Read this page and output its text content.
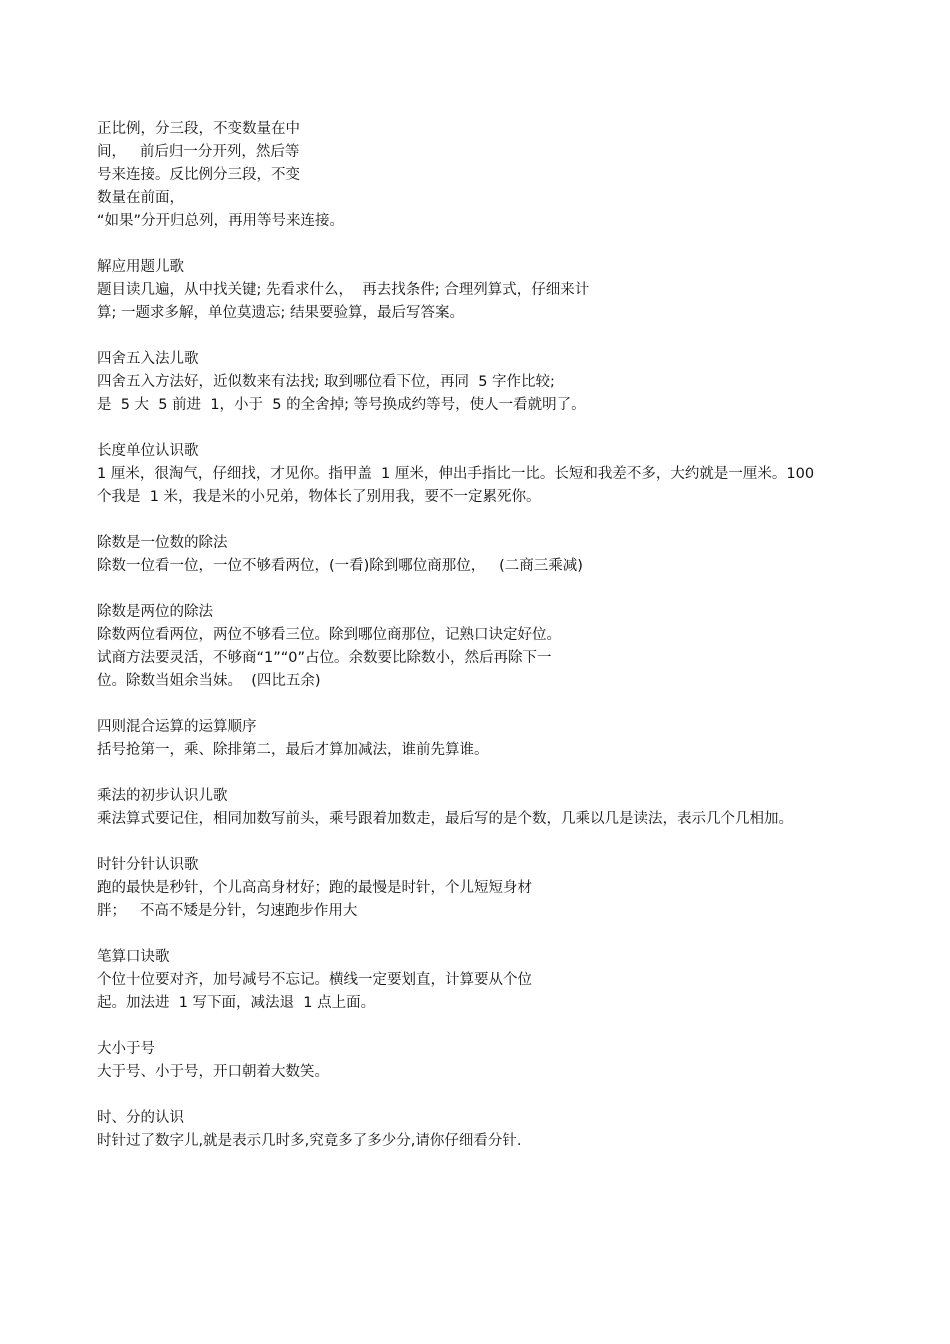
正比例，分三段，不变数量在中
间，   前后归一分开列，然后等
号来连接。反比例分三段，不变
数量在前面，
“如果”分开归总列，再用等号来连接。
解应用题儿歌
题目读几遍，从中找关键; 先看求什么，  再去找条件; 合理列算式，仔细来计
算; 一题求多解，单位莫遗忘; 结果要验算，最后写答案。
四舍五入法儿歌
四舍五入方法好，近似数来有法找; 取到哪位看下位，再同  5 字作比较;
是  5 大  5 前进  1，小于  5 的全舍掉; 等号换成约等号，使人一看就明了。
长度单位认识歌
1 厘米，很淘气，仔细找，才见你。指甲盖  1 厘米，伸出手指比一比。长短和我差不多，大约就是一厘米。100
个我是  1 米，我是米的小兄弟，物体长了别用我，要不一定累死你。
除数是一位数的除法
除数一位看一位，一位不够看两位，(一看)除到哪位商那位，   (二商三乘减)
除数是两位的除法
除数两位看两位，两位不够看三位。除到哪位商那位，记熟口诀定好位。
试商方法要灵活，不够商“1”“0”占位。余数要比除数小，然后再除下一
位。除数当姐余当妹。  (四比五余)
四则混合运算的运算顺序
括号抢第一，乘、除排第二，最后才算加减法，谁前先算谁。
乘法的初步认识儿歌
乘法算式要记住，相同加数写前头，乘号跟着加数走，最后写的是个数，几乘以几是读法，表示几个几相加。
时针分针认识歌
跑的最快是秒针，个儿高高身材好；跑的最慢是时针，个儿短短身材
胖；   不高不矮是分针，匀速跑步作用大
笔算口诀歌
个位十位要对齐，加号减号不忘记。横线一定要划直，计算要从个位
起。加法进  1 写下面，减法退  1 点上面。
大小于号
大于号、小于号，开口朝着大数笑。
时、分的认识
时针过了数字儿,就是表示几时多,究竟多了多少分,请你仔细看分针.
